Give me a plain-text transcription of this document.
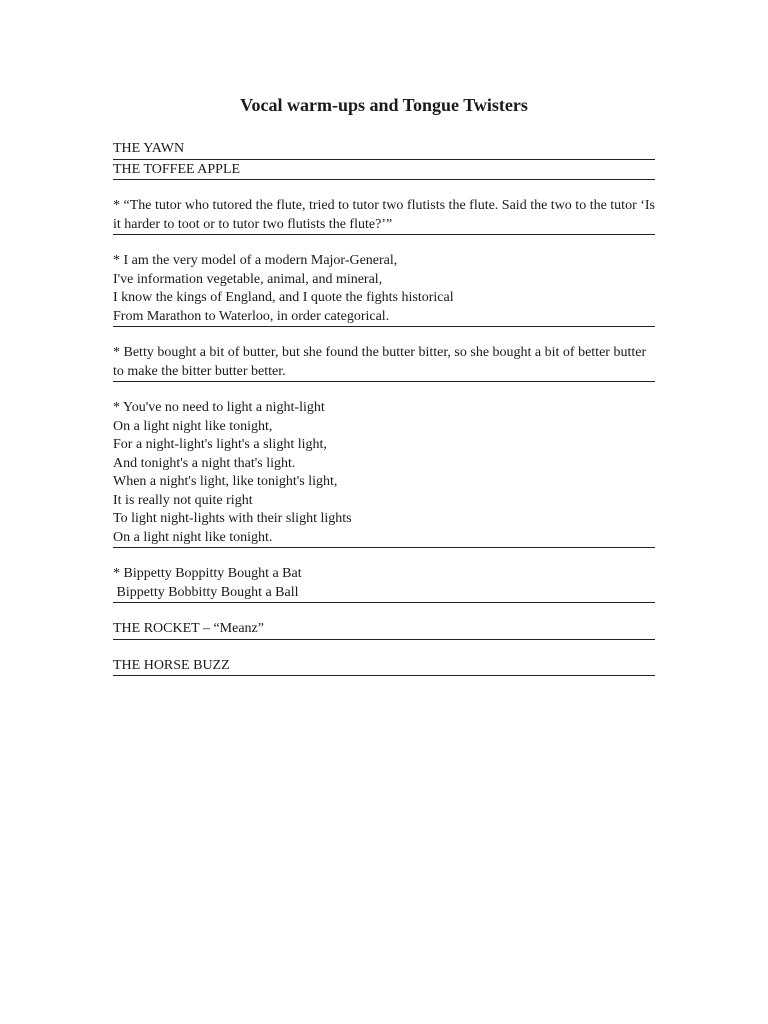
Vocal warm-ups and Tongue Twisters
THE YAWN
THE TOFFEE APPLE
* “The tutor who tutored the flute, tried to tutor two flutists the flute. Said the two to the tutor ‘Is it harder to toot or to tutor two flutists the flute?’”
* I am the very model of a modern Major-General,
I've information vegetable, animal, and mineral,
I know the kings of England, and I quote the fights historical
From Marathon to Waterloo, in order categorical.
* Betty bought a bit of butter, but she found the butter bitter, so she bought a bit of better butter to make the bitter butter better.
* You've no need to light a night-light
On a light night like tonight,
For a night-light's light's a slight light,
And tonight's a night that's light.
When a night's light, like tonight's light,
It is really not quite right
To light night-lights with their slight lights
On a light night like tonight.
* Bippetty Boppitty Bought a Bat
Bippetty Bobbitty Bought a Ball
THE ROCKET – “Meanz”
THE HORSE BUZZ
